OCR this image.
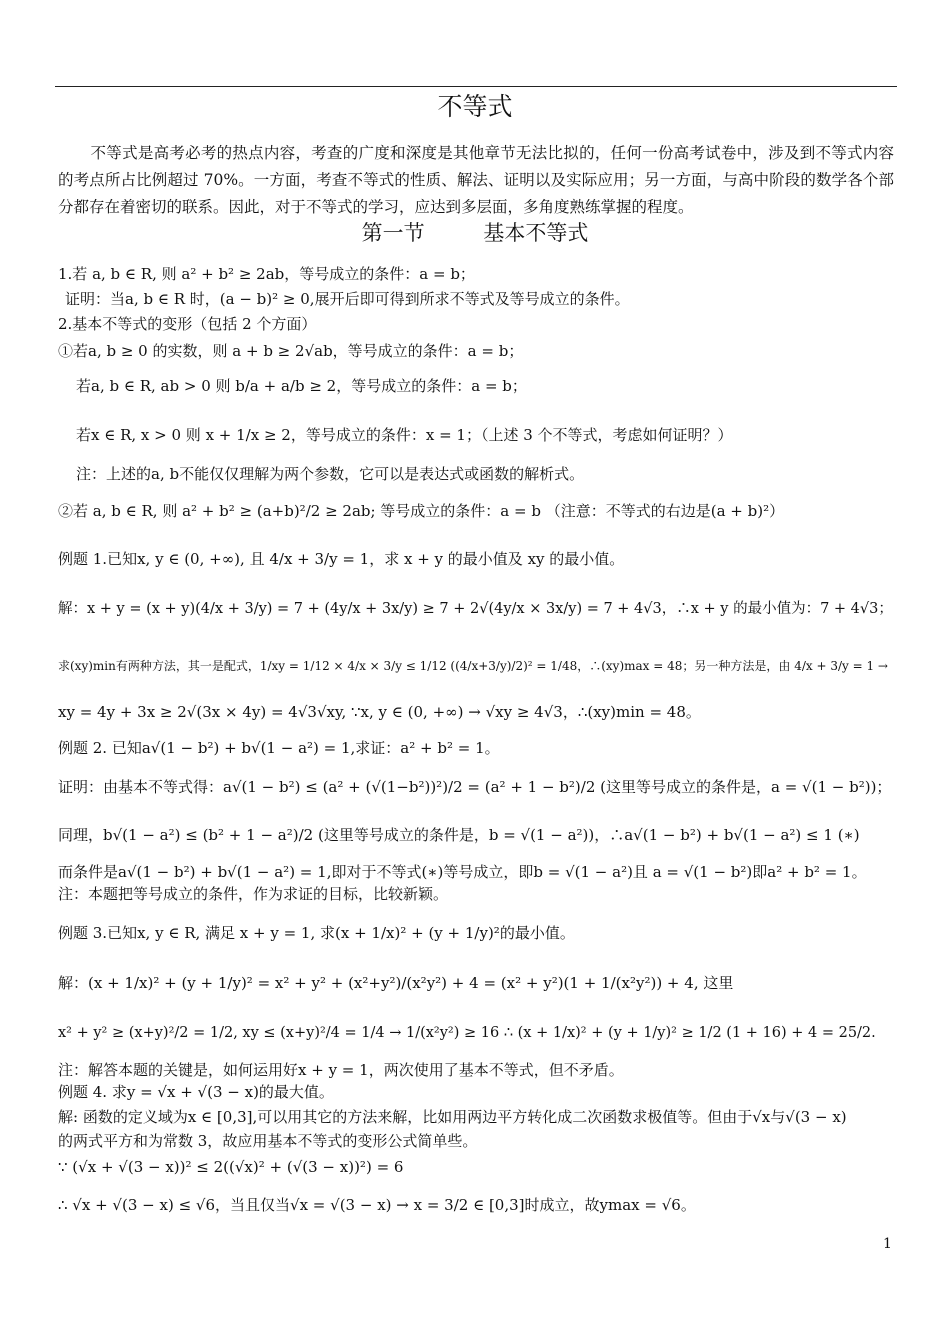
不等式
不等式是高考必考的热点内容，考查的广度和深度是其他章节无法比拟的，任何一份高考试卷中，涉及到不等式内容的考点所占比例超过 70%。一方面，考查不等式的性质、解法、证明以及实际应用；另一方面，与高中阶段的数学各个部分都存在着密切的联系。因此，对于不等式的学习，应达到多层面，多角度熟练掌握的程度。
第一节 基本不等式
1.若 a, b ∈ R, 则 a² + b² ≥ 2ab，等号成立的条件：a = b；
证明：当a, b ∈ R 时，(a − b)² ≥ 0,展开后即可得到所求不等式及等号成立的条件。
2.基本不等式的变形（包括 2 个方面）
①若a, b ≥ 0 的实数，则 a + b ≥ 2√ab，等号成立的条件：a = b；
若a, b ∈ R, ab > 0 则 b/a + a/b ≥ 2，等号成立的条件：a = b；
若x ∈ R, x > 0 则 x + 1/x ≥ 2，等号成立的条件：x = 1；（上述 3 个不等式，考虑如何证明？）
注：上述的a, b不能仅仅理解为两个参数，它可以是表达式或函数的解析式。
②若 a, b ∈ R, 则 a² + b² ≥ (a+b)²/2 ≥ 2ab; 等号成立的条件：a = b （注意：不等式的右边是(a + b)²）
例题 1.已知x, y ∈ (0, +∞), 且 4/x + 3/y = 1，求 x + y 的最小值及 xy 的最小值。
解：x + y = (x + y)(4/x + 3/y) = 7 + (4y/x + 3x/y) ≥ 7 + 2√(4y/x × 3x/y) = 7 + 4√3，∴x + y 的最小值为：7 + 4√3；
求(xy)min有两种方法，其一是配式，1/xy = 1/12 × 4/x × 3/y ≤ 1/12 ((4/x+3/y)/2)² = 1/48，∴(xy)max = 48；另一种方法是，由 4/x + 3/y = 1 →
xy = 4y + 3x ≥ 2√(3x × 4y) = 4√3√xy, ∵x, y ∈ (0, +∞) → √xy ≥ 4√3，∴(xy)min = 48。
例题 2. 已知a√(1 − b²) + b√(1 − a²) = 1,求证：a² + b² = 1。
证明：由基本不等式得：a√(1 − b²) ≤ (a² + (√(1−b²))²)/2 = (a² + 1 − b²)/2 (这里等号成立的条件是，a = √(1 − b²))；
同理，b√(1 − a²) ≤ (b² + 1 − a²)/2 (这里等号成立的条件是，b = √(1 − a²))，∴a√(1 − b²) + b√(1 − a²) ≤ 1 (∗)
而条件是a√(1 − b²) + b√(1 − a²) = 1,即对于不等式(∗)等号成立，即b = √(1 − a²)且 a = √(1 − b²)即a² + b² = 1。
注：本题把等号成立的条件，作为求证的目标，比较新颖。
例题 3.已知x, y ∈ R, 满足 x + y = 1, 求(x + 1/x)² + (y + 1/y)²的最小值。
解：(x + 1/x)² + (y + 1/y)² = x² + y² + (x²+y²)/(x²y²) + 4 = (x² + y²)(1 + 1/(x²y²)) + 4, 这里
x² + y² ≥ (x+y)²/2 = 1/2, xy ≤ (x+y)²/4 = 1/4 → 1/(x²y²) ≥ 16 ∴ (x + 1/x)² + (y + 1/y)² ≥ 1/2 (1 + 16) + 4 = 25/2.
注：解答本题的关键是，如何运用好x + y = 1，两次使用了基本不等式，但不矛盾。
例题 4. 求y = √x + √(3 − x)的最大值。
解: 函数的定义域为x ∈ [0,3],可以用其它的方法来解，比如用两边平方转化成二次函数求极值等。但由于√x与√(3 − x)
的两式平方和为常数 3，故应用基本不等式的变形公式简单些。
∵ (√x + √(3 − x))² ≤ 2((√x)² + (√(3 − x))²) = 6
∴ √x + √(3 − x) ≤ √6，当且仅当√x = √(3 − x) → x = 3/2 ∈ [0,3]时成立，故ymax = √6。
1
